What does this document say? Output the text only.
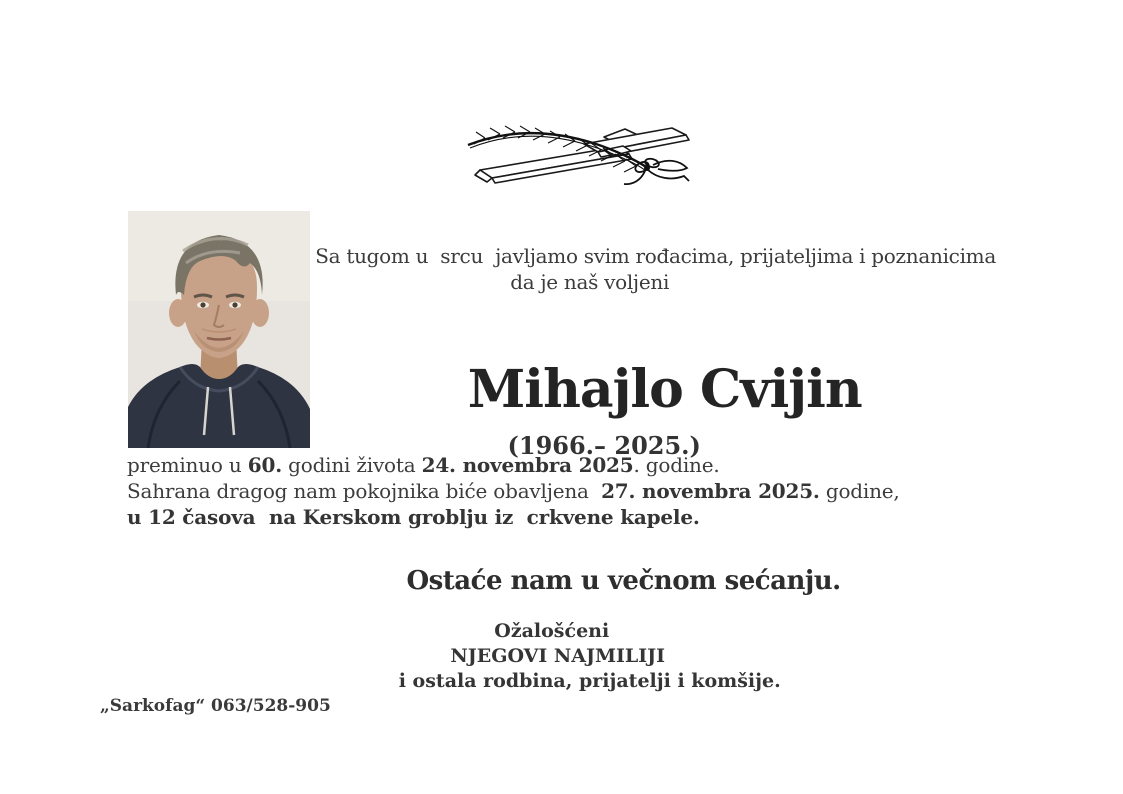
Sa tugom u  srcu  javljamo svim rođacima, prijateljima i poznanicima

da je naš voljeni

Mihajlo Cvijin

(1966.– 2025.)

preminuo u 60. godini života 24. novembra 2025. godine.
Sahrana dragog nam pokojnika biće obavljena  27. novembra 2025. godine,
u 12 časova  na Kerskom groblju iz  crkvene kapele.

Ostaće nam u večnom sećanju.

Ožalošćeni

NJEGOVI NAJMILIJI

i ostala rodbina, prijatelji i komšije.

„Sarkofag“ 063/528-905
